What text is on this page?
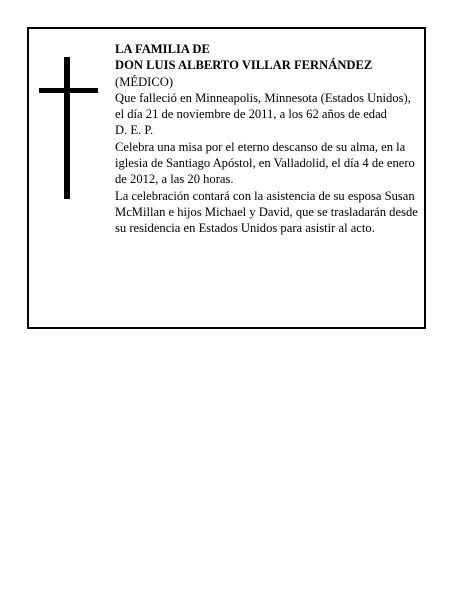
LA FAMILIA DE

DON LUIS ALBERTO VILLAR FERNÁNDEZ

(MÉDICO)

Que falleció en Minneapolis, Minnesota (Estados Unidos), el día 21 de noviembre de 2011, a los 62 años de edad

D. E. P.

Celebra una misa por el eterno descanso de su alma, en la iglesia de Santiago Apóstol, en Valladolid, el día 4 de enero de 2012, a las 20 horas.

La celebración contará con la asistencia de su esposa Susan McMillan e hijos Michael y David, que se trasladarán desde su residencia en Estados Unidos para asistir al acto.
